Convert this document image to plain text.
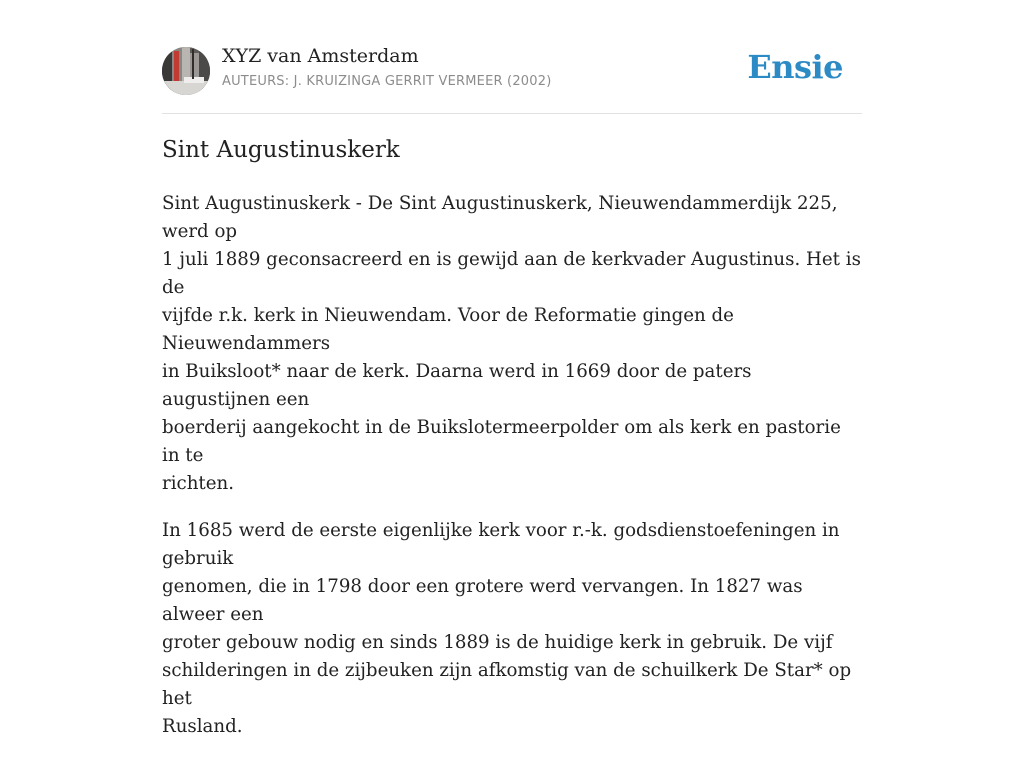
XYZ van Amsterdam
AUTEURS: J. KRUIZINGA GERRIT VERMEER (2002)	Ensie
Sint Augustinuskerk

Sint Augustinuskerk - De Sint Augustinuskerk, Nieuwendammerdijk 225, werd op
1 juli 1889 geconsacreerd en is gewijd aan de kerkvader Augustinus. Het is de
vijfde r.k. kerk in Nieuwendam. Voor de Reformatie gingen de Nieuwendammers
in Buiksloot* naar de kerk. Daarna werd in 1669 door de paters augustijnen een
boerderij aangekocht in de Buikslotermeerpolder om als kerk en pastorie in te
richten.

In 1685 werd de eerste eigenlijke kerk voor r.-k. godsdienstoefeningen in gebruik
genomen, die in 1798 door een grotere werd vervangen. In 1827 was alweer een
groter gebouw nodig en sinds 1889 is de huidige kerk in gebruik. De vijf
schilderingen in de zijbeuken zijn afkomstig van de schuilkerk De Star* op het
Rusland.
